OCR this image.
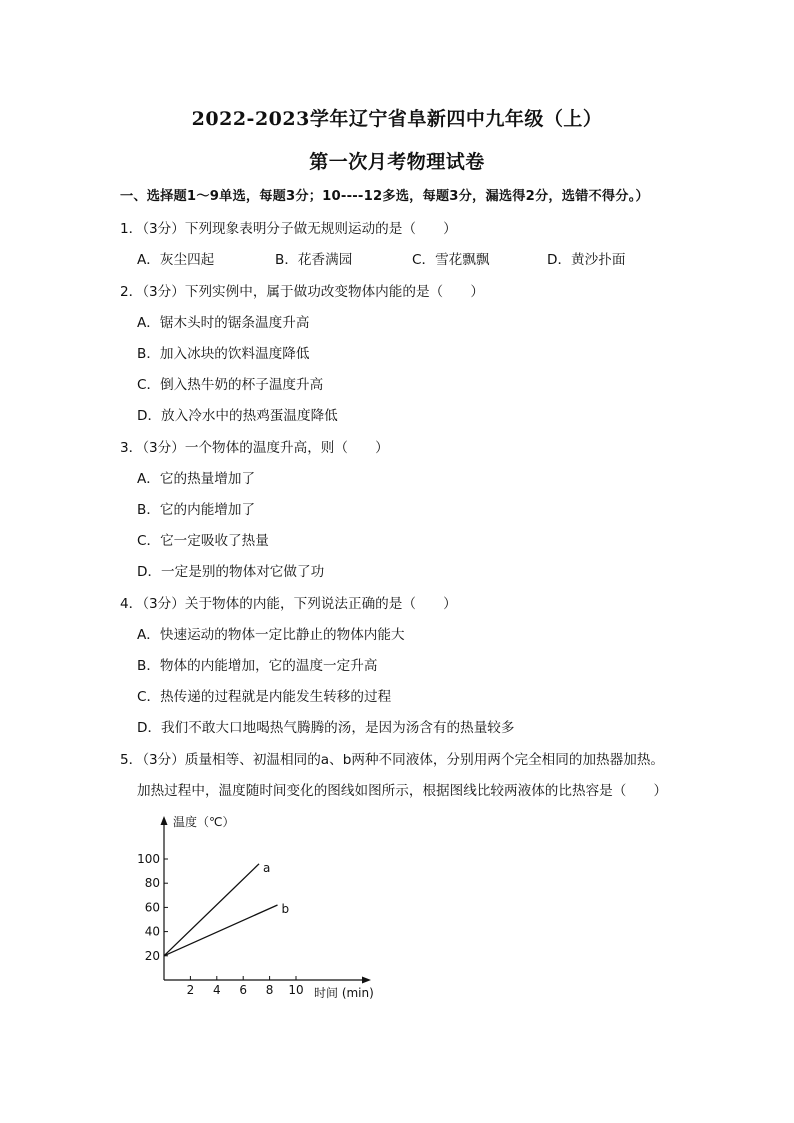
2022-2023学年辽宁省阜新四中九年级（上）
第一次月考物理试卷
一、选择题1～9单选，每题3分；10----12多选，每题3分，漏选得2分，选错不得分。）
1．（3分）下列现象表明分子做无规则运动的是（　　）
A．灰尘四起	B．花香满园	C．雪花飘飘	D．黄沙扑面
2．（3分）下列实例中，属于做功改变物体内能的是（　　）
A．锯木头时的锯条温度升高
B．加入冰块的饮料温度降低
C．倒入热牛奶的杯子温度升高
D．放入冷水中的热鸡蛋温度降低
3．（3分）一个物体的温度升高，则（　　）
A．它的热量增加了
B．它的内能增加了
C．它一定吸收了热量
D．一定是别的物体对它做了功
4．（3分）关于物体的内能，下列说法正确的是（　　）
A．快速运动的物体一定比静止的物体内能大
B．物体的内能增加，它的温度一定升高
C．热传递的过程就是内能发生转移的过程
D．我们不敢大口地喝热气腾腾的汤，是因为汤含有的热量较多
5．（3分）质量相等、初温相同的a、b两种不同液体，分别用两个完全相同的加热器加热。
加热过程中，温度随时间变化的图线如图所示，根据图线比较两液体的比热容是（　　）
温度（℃）
时间 (min)
2 4 6 8 10
20
40
60
80
100
a
b
